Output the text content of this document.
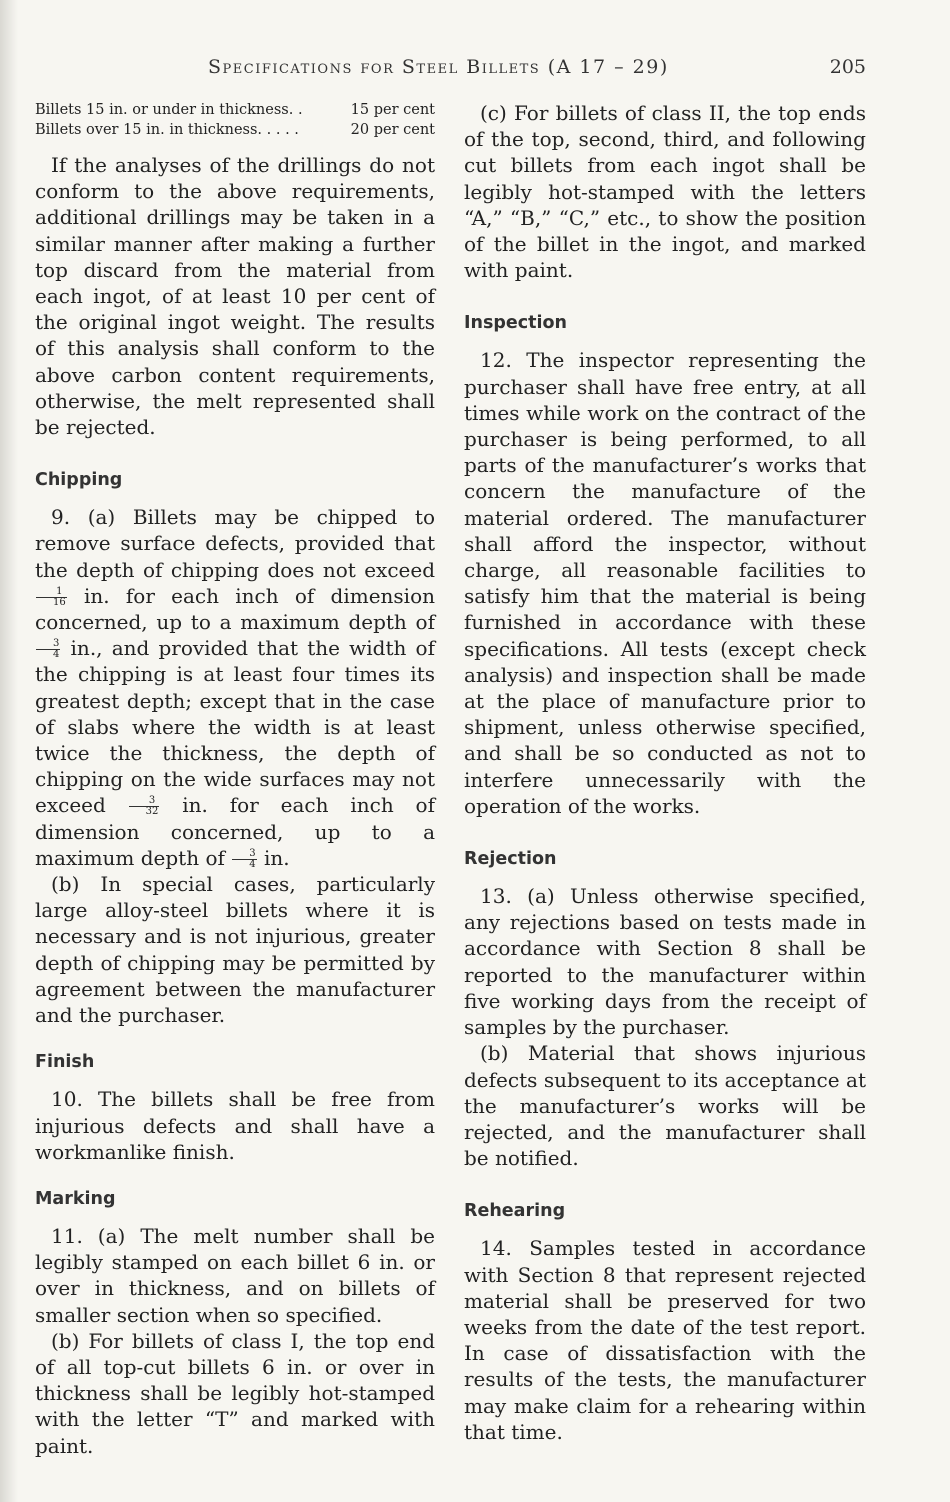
Specifications for Steel Billets (A 17 – 29)	205
Billets 15 in. or under in thickness. .	15 per cent
Billets over 15 in. in thickness. . . . .	20 per cent

If the analyses of the drillings do not conform to the above requirements, additional drillings may be taken in a similar manner after making a further top discard from the material from each ingot, of at least 10 per cent of the original ingot weight. The results of this analysis shall conform to the above carbon content requirements, otherwise, the melt represented shall be rejected.

Chipping

9. (a) Billets may be chipped to remove surface defects, provided that the depth of chipping does not exceed
$\frac{1}{16}$ in. for each inch of dimension concerned, up to a maximum depth of
$\frac{3}{4}$ in., and provided that the width of the chipping is at least four times its greatest depth; except that in the case of slabs where the width is at least twice the thickness, the depth of chipping on the wide surfaces may not exceed $\frac{3}{32}$ in. for each inch of dimension concerned, up to a maximum depth of $\frac{3}{4}$ in.

(b) In special cases, particularly large alloy-steel billets where it is necessary and is not injurious, greater depth of chipping may be permitted by agreement between the manufacturer and the purchaser.

Finish

10. The billets shall be free from injurious defects and shall have a workmanlike finish.

Marking

11. (a) The melt number shall be legibly stamped on each billet 6 in. or over in thickness, and on billets of smaller section when so specified.

(b) For billets of class I, the top end of all top-cut billets 6 in. or over in thickness shall be legibly hot-stamped with the letter “T” and marked with paint.

(c) For billets of class II, the top ends of the top, second, third, and following cut billets from each ingot shall be legibly hot-stamped with the letters “A,” “B,” “C,” etc., to show the position of the billet in the ingot, and marked with paint.

Inspection

12. The inspector representing the purchaser shall have free entry, at all times while work on the contract of the purchaser is being performed, to all parts of the manufacturer’s works that concern the manufacture of the material ordered. The manufacturer shall afford the inspector, without charge, all reasonable facilities to satisfy him that the material is being furnished in accordance with these specifications. All tests (except check analysis) and inspection shall be made at the place of manufacture prior to shipment, unless otherwise specified, and shall be so conducted as not to interfere unnecessarily with the operation of the works.

Rejection

13. (a) Unless otherwise specified, any rejections based on tests made in accordance with Section 8 shall be reported to the manufacturer within five working days from the receipt of samples by the purchaser.

(b) Material that shows injurious defects subsequent to its acceptance at the manufacturer’s works will be rejected, and the manufacturer shall be notified.

Rehearing

14. Samples tested in accordance with Section 8 that represent rejected material shall be preserved for two weeks from the date of the test report. In case of dissatisfaction with the results of the tests, the manufacturer may make claim for a rehearing within that time.
